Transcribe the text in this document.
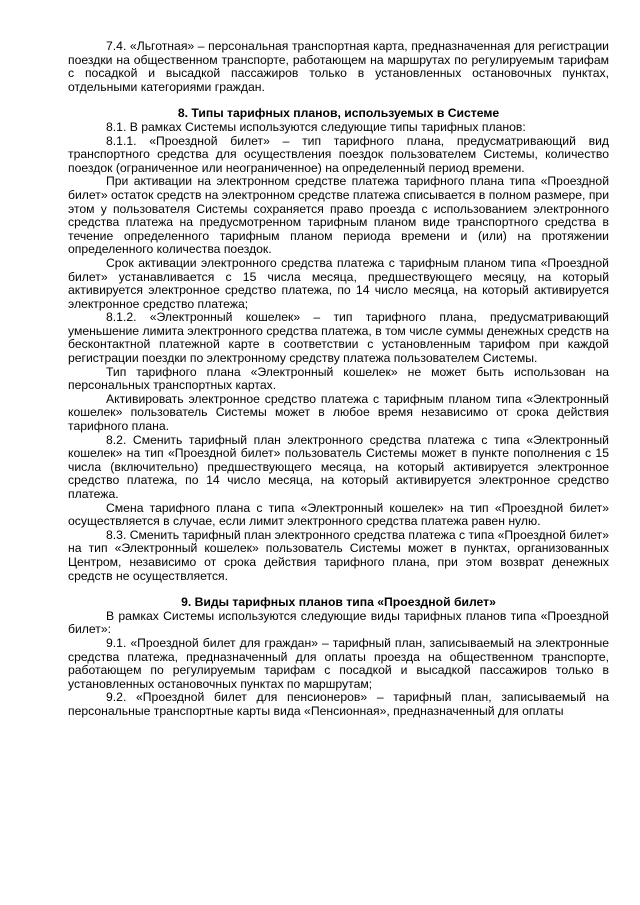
7.4. «Льготная» – персональная транспортная карта, предназначенная для регистрации поездки на общественном транспорте, работающем на маршрутах по регулируемым тарифам с посадкой и высадкой пассажиров только в установленных остановочных пунктах, отдельными категориями граждан.

8. Типы тарифных планов, используемых в Системе

8.1. В рамках Системы используются следующие типы тарифных планов:

8.1.1. «Проездной билет» – тип тарифного плана, предусматривающий вид транспортного средства для осуществления поездок пользователем Системы, количество поездок (ограниченное или неограниченное) на определенный период времени.

При активации на электронном средстве платежа тарифного плана типа «Проездной билет» остаток средств на электронном средстве платежа списывается в полном размере, при этом у пользователя Системы сохраняется право проезда с использованием электронного средства платежа на предусмотренном тарифным планом виде транспортного средства в течение определенного тарифным планом периода времени и (или) на протяжении определенного количества поездок.

Срок активации электронного средства платежа с тарифным планом типа «Проездной билет» устанавливается с 15 числа месяца, предшествующего месяцу, на который активируется электронное средство платежа, по 14 число месяца, на который активируется электронное средство платежа;

8.1.2. «Электронный кошелек» – тип тарифного плана, предусматривающий уменьшение лимита электронного средства платежа, в том числе суммы денежных средств на бесконтактной платежной карте в соответствии с установленным тарифом при каждой регистрации поездки по электронному средству платежа пользователем Системы.

Тип тарифного плана «Электронный кошелек» не может быть использован на персональных транспортных картах.

Активировать электронное средство платежа с тарифным планом типа «Электронный кошелек» пользователь Системы может в любое время независимо от срока действия тарифного плана.

8.2. Сменить тарифный план электронного средства платежа с типа «Электронный кошелек» на тип «Проездной билет» пользователь Системы может в пункте пополнения с 15 числа (включительно) предшествующего месяца, на который активируется электронное средство платежа, по 14 число месяца, на который активируется электронное средство платежа.

Смена тарифного плана с типа «Электронный кошелек» на тип «Проездной билет» осуществляется в случае, если лимит электронного средства платежа равен нулю.

8.3. Сменить тарифный план электронного средства платежа с типа «Проездной билет» на тип «Электронный кошелек» пользователь Системы может в пунктах, организованных Центром, независимо от срока действия тарифного плана, при этом возврат денежных средств не осуществляется.

9. Виды тарифных планов типа «Проездной билет»

В рамках Системы используются следующие виды тарифных планов типа «Проездной билет»:

9.1. «Проездной билет для граждан» – тарифный план, записываемый на электронные средства платежа, предназначенный для оплаты проезда на общественном транспорте, работающем по регулируемым тарифам с посадкой и высадкой пассажиров только в установленных остановочных пунктах по маршрутам;

9.2. «Проездной билет для пенсионеров» – тарифный план, записываемый на персональные транспортные карты вида «Пенсионная», предназначенный для оплаты
